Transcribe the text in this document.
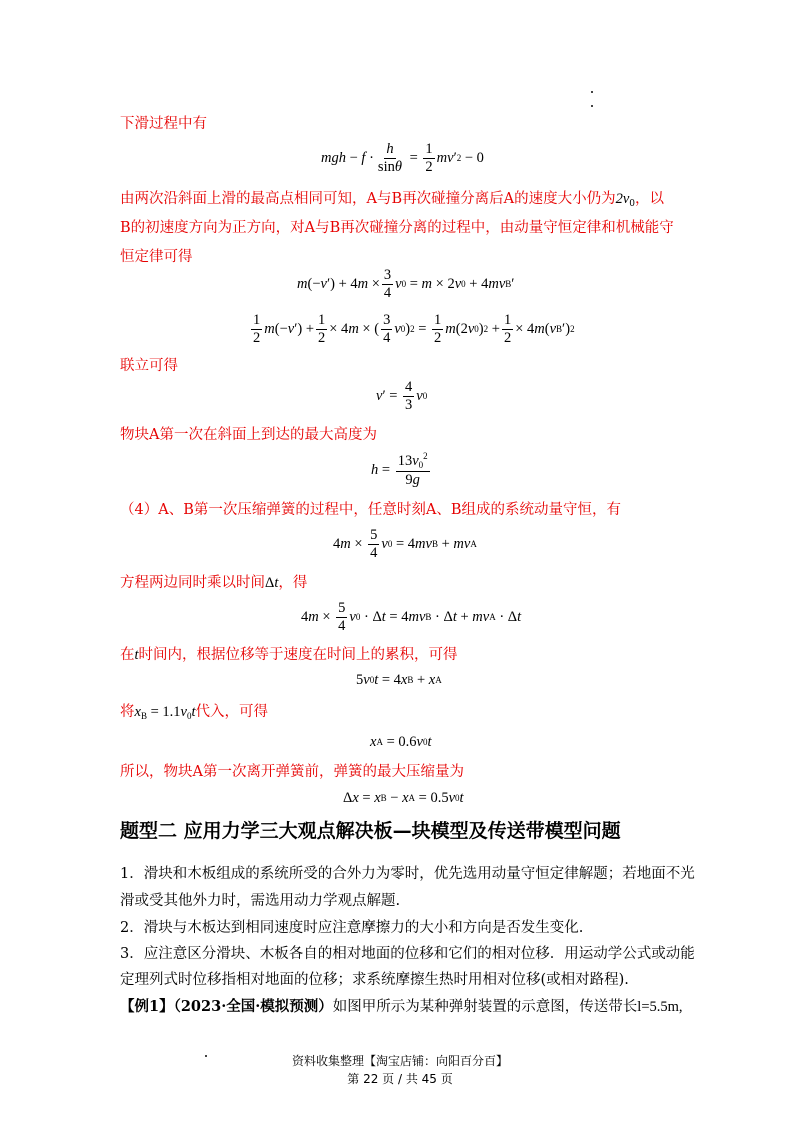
下滑过程中有
mgh − $f \cdot \frac{h}{\sin\theta} = \frac{1}{2}$ mv ′ 2 − 0
由两次沿斜面上滑的最高点相同可知，A与B再次碰撞分离后A的速度大小仍为$2v_0$，以
B的初速度方向为正方向，对A与B再次碰撞分离的过程中，由动量守恒定律和机械能守
恒定律可得
m (− v ′) + 4 $m \times \frac{3}{4}$ v 0 = m × 2 v 0 + 4 mv B ′
$\frac{1}{2}$ m (− v ′) + $\frac{1}{2} \times 4$ m × ( $\frac{3}{4}$ v 0 ) $2 = \frac{1}{2}$ m (2 v 0 ) $2 + \frac{1}{2} \times 4$ m ( v B ′) 2
联立可得
v ′ = $\frac{4}{3}$ v 0
物块A第一次在斜面上到达的最大高度为
$h = \frac{13v_0^2}{9g}$
（4）A、B第一次压缩弹簧的过程中，任意时刻A、B组成的系统动量守恒，有
4 $m \times \frac{5}{4}$ v 0 = 4 mv B + mv A
方程两边同时乘以时间Δt，得
4 $m \times \frac{5}{4}$ v 0 · Δ t = 4 mv B · Δ t + mv A · Δ t
在t时间内，根据位移等于速度在时间上的累积，可得
5 v 0 t = 4 x B + x A
将$x_B = 1.1v_0t$代入，可得
x A = 0.6 v 0 t
所以，物块A第一次离开弹簧前，弹簧的最大压缩量为
Δ x = x B − x A = 0.5 v 0 t
题型二 应用力学三大观点解决板—块模型及传送带模型问题
1．滑块和木板组成的系统所受的合外力为零时，优先选用动量守恒定律解题；若地面不光
滑或受其他外力时，需选用动力学观点解题.
2．滑块与木板达到相同速度时应注意摩擦力的大小和方向是否发生变化.
3．应注意区分滑块、木板各自的相对地面的位移和它们的相对位移．用运动学公式或动能
定理列式时位移指相对地面的位移；求系统摩擦生热时用相对位移(或相对路程).
【例1】（2023·全国·模拟预测）如图甲所示为某种弹射装置的示意图，传送带长l=5.5m,
资料收集整理【淘宝店铺：向阳百分百】
第 22 页 / 共 45 页
